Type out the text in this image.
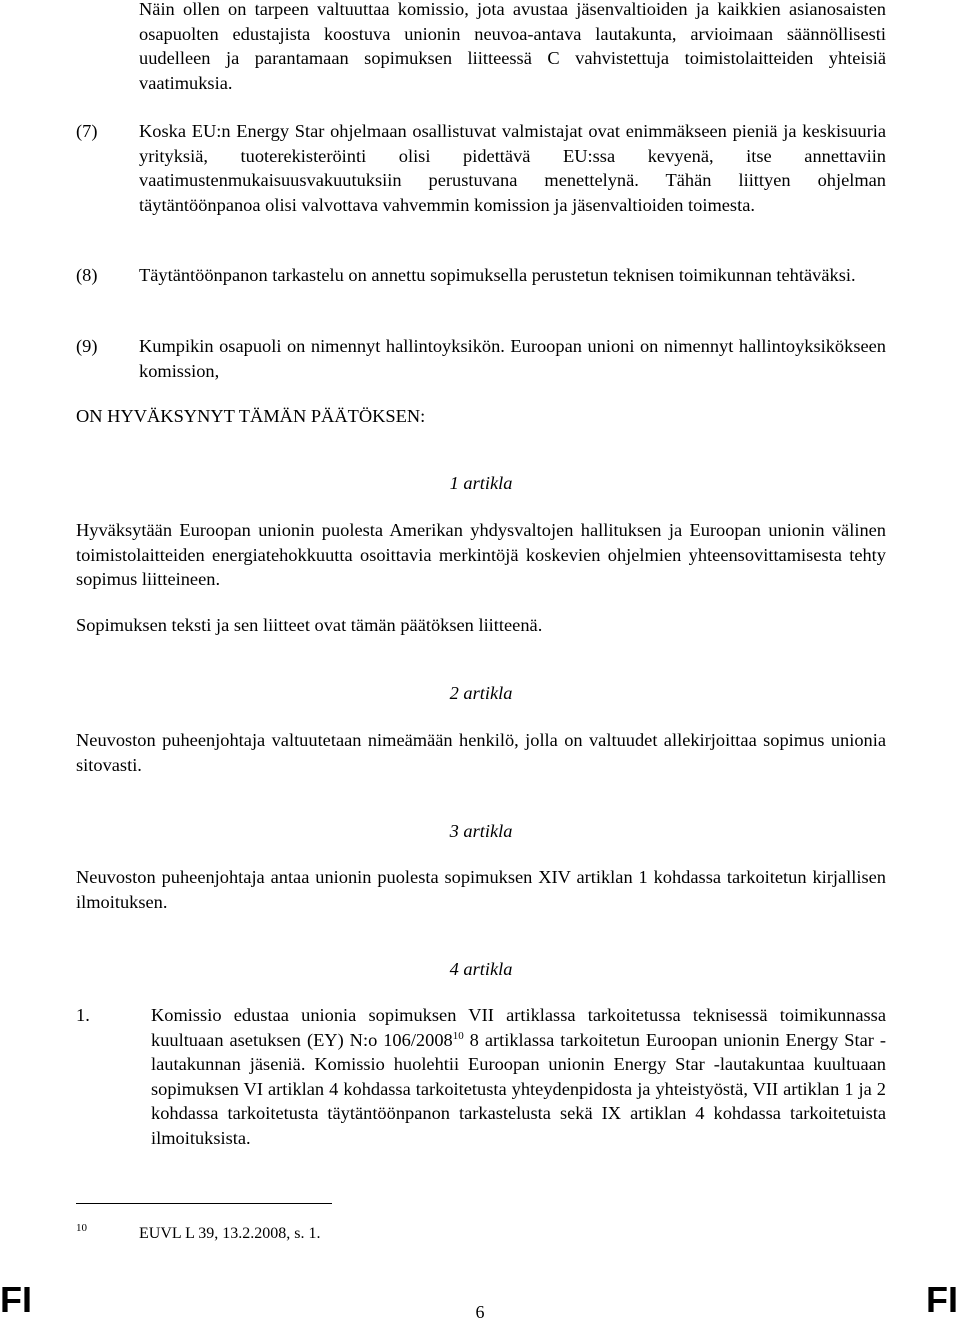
Näin ollen on tarpeen valtuuttaa komissio, jota avustaa jäsenvaltioiden ja kaikkien asianosaisten osapuolten edustajista koostuva unionin neuvoa-antava lautakunta, arvioimaan säännöllisesti uudelleen ja parantamaan sopimuksen liitteessä C vahvistettuja toimistolaitteiden yhteisiä vaatimuksia.
(7) Koska EU:n Energy Star ohjelmaan osallistuvat valmistajat ovat enimmäkseen pieniä ja keskisuuria yrityksiä, tuoterekisteröinti olisi pidettävä EU:ssa kevyenä, itse annettaviin vaatimustenmukaisuusvakuutuksiin perustuvana menettelynä. Tähän liittyen ohjelman täytäntöönpanoa olisi valvottava vahvemmin komission ja jäsenvaltioiden toimesta.
(8) Täytäntöönpanon tarkastelu on annettu sopimuksella perustetun teknisen toimikunnan tehtäväksi.
(9) Kumpikin osapuoli on nimennyt hallintoyksikön. Euroopan unioni on nimennyt hallintoyksikökseen komission,
ON HYVÄKSYNYT TÄMÄN PÄÄTÖKSEN:
1 artikla
Hyväksytään Euroopan unionin puolesta Amerikan yhdysvaltojen hallituksen ja Euroopan unionin välinen toimistolaitteiden energiatehokkuutta osoittavia merkintöjä koskevien ohjelmien yhteensovittamisesta tehty sopimus liitteineen.
Sopimuksen teksti ja sen liitteet ovat tämän päätöksen liitteenä.
2 artikla
Neuvoston puheenjohtaja valtuutetaan nimeämään henkilö, jolla on valtuudet allekirjoittaa sopimus unionia sitovasti.
3 artikla
Neuvoston puheenjohtaja antaa unionin puolesta sopimuksen XIV artiklan 1 kohdassa tarkoitetun kirjallisen ilmoituksen.
4 artikla
1.	Komissio edustaa unionia sopimuksen VII artiklassa tarkoitetussa teknisessä toimikunnassa kuultuaan asetuksen (EY) N:o 106/2008$^{10}$ 8 artiklassa tarkoitetun Euroopan unionin Energy Star -lautakunnan jäseniä. Komissio huolehtii Euroopan unionin Energy Star -lautakuntaa kuultuaan sopimuksen VI artiklan 4 kohdassa tarkoitetusta yhteydenpidosta ja yhteistyöstä, VII artiklan 1 ja 2 kohdassa tarkoitetusta täytäntöönpanon tarkastelusta sekä IX artiklan 4 kohdassa tarkoitetuista ilmoituksista.
10	EUVL L 39, 13.2.2008, s. 1.
FI	6	FI
